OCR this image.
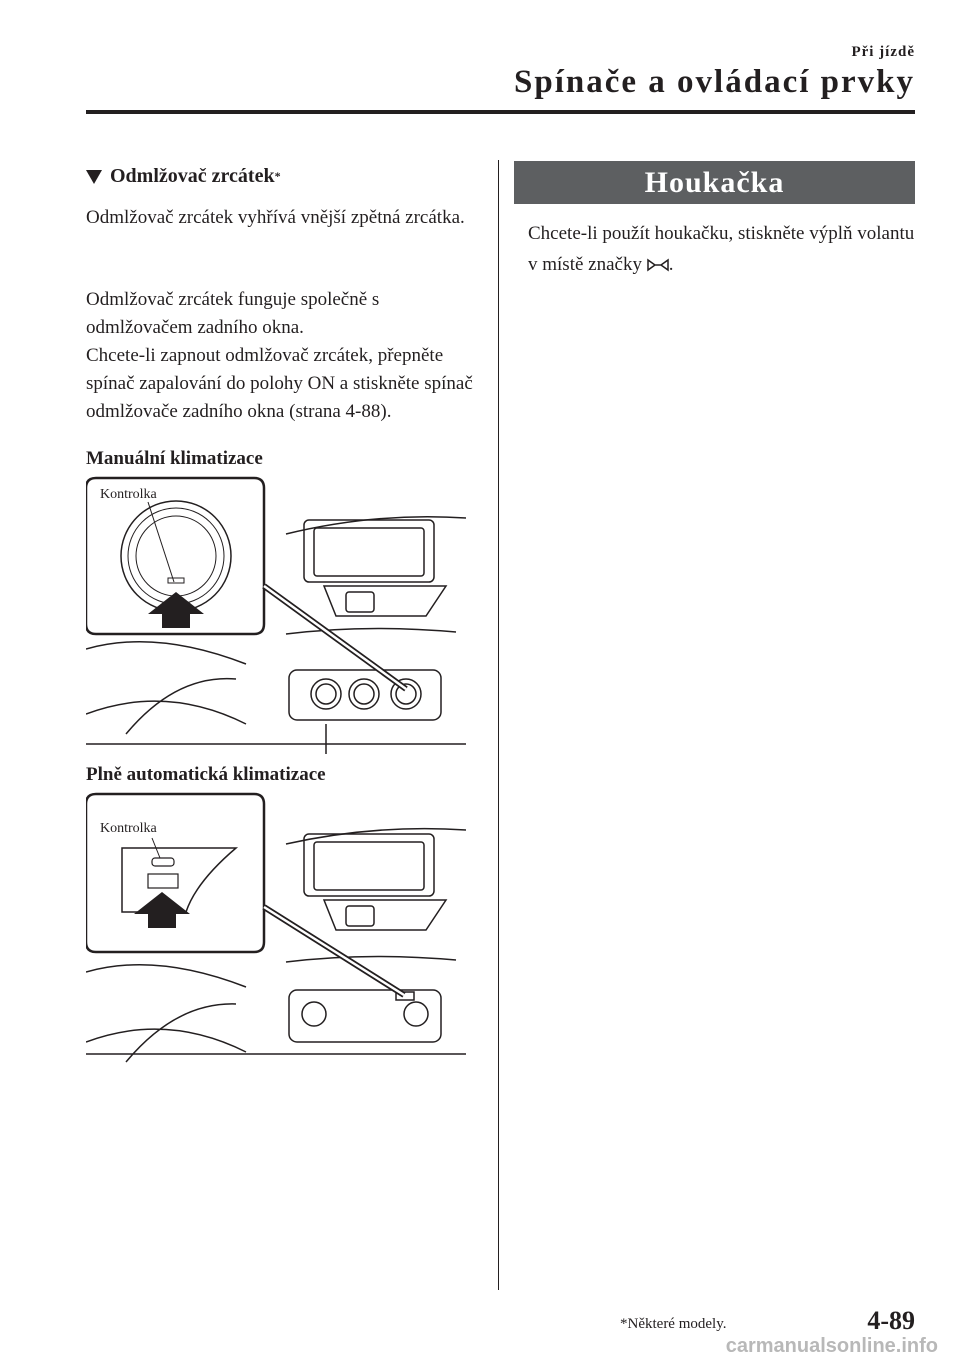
Při jízdě
Spínače a ovládací prvky
Odmlžovač zrcátek *
Odmlžovač zrcátek vyhřívá vnější zpětná zrcátka.
Odmlžovač zrcátek funguje společně s odmlžovačem zadního okna.
Chcete-li zapnout odmlžovač zrcátek, přepněte spínač zapalování do polohy ON a stiskněte spínač odmlžovače zadního okna (strana 4-88).
Manuální klimatizace
Kontrolka
Plně automatická klimatizace
Kontrolka
Houkačka
Chcete-li použít houkačku, stiskněte výplň volantu v místě značky .
*Některé modely.	4-89
carmanualsonline.info
